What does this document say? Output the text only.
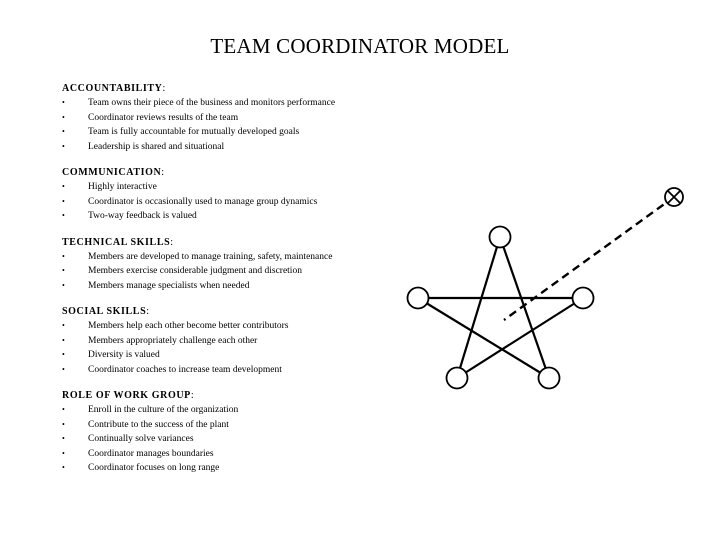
TEAM COORDINATOR MODEL
ACCOUNTABILITY:
• Team owns their piece of the business and monitors performance
• Coordinator reviews results of the team
• Team is fully accountable for mutually developed goals
• Leadership is shared and situational
COMMUNICATION:
• Highly interactive
• Coordinator is occasionally used to manage group dynamics
• Two-way feedback is valued
TECHNICAL SKILLS:
• Members are developed to manage training, safety, maintenance
• Members exercise considerable judgment and discretion
• Members manage specialists when needed
SOCIAL SKILLS:
• Members help each other become better contributors
• Members appropriately challenge each other
• Diversity is valued
• Coordinator coaches to increase team development
ROLE OF WORK GROUP:
• Enroll in the culture of the organization
• Contribute to the success of the plant
• Continually solve variances
• Coordinator manages boundaries
• Coordinator focuses on long range
